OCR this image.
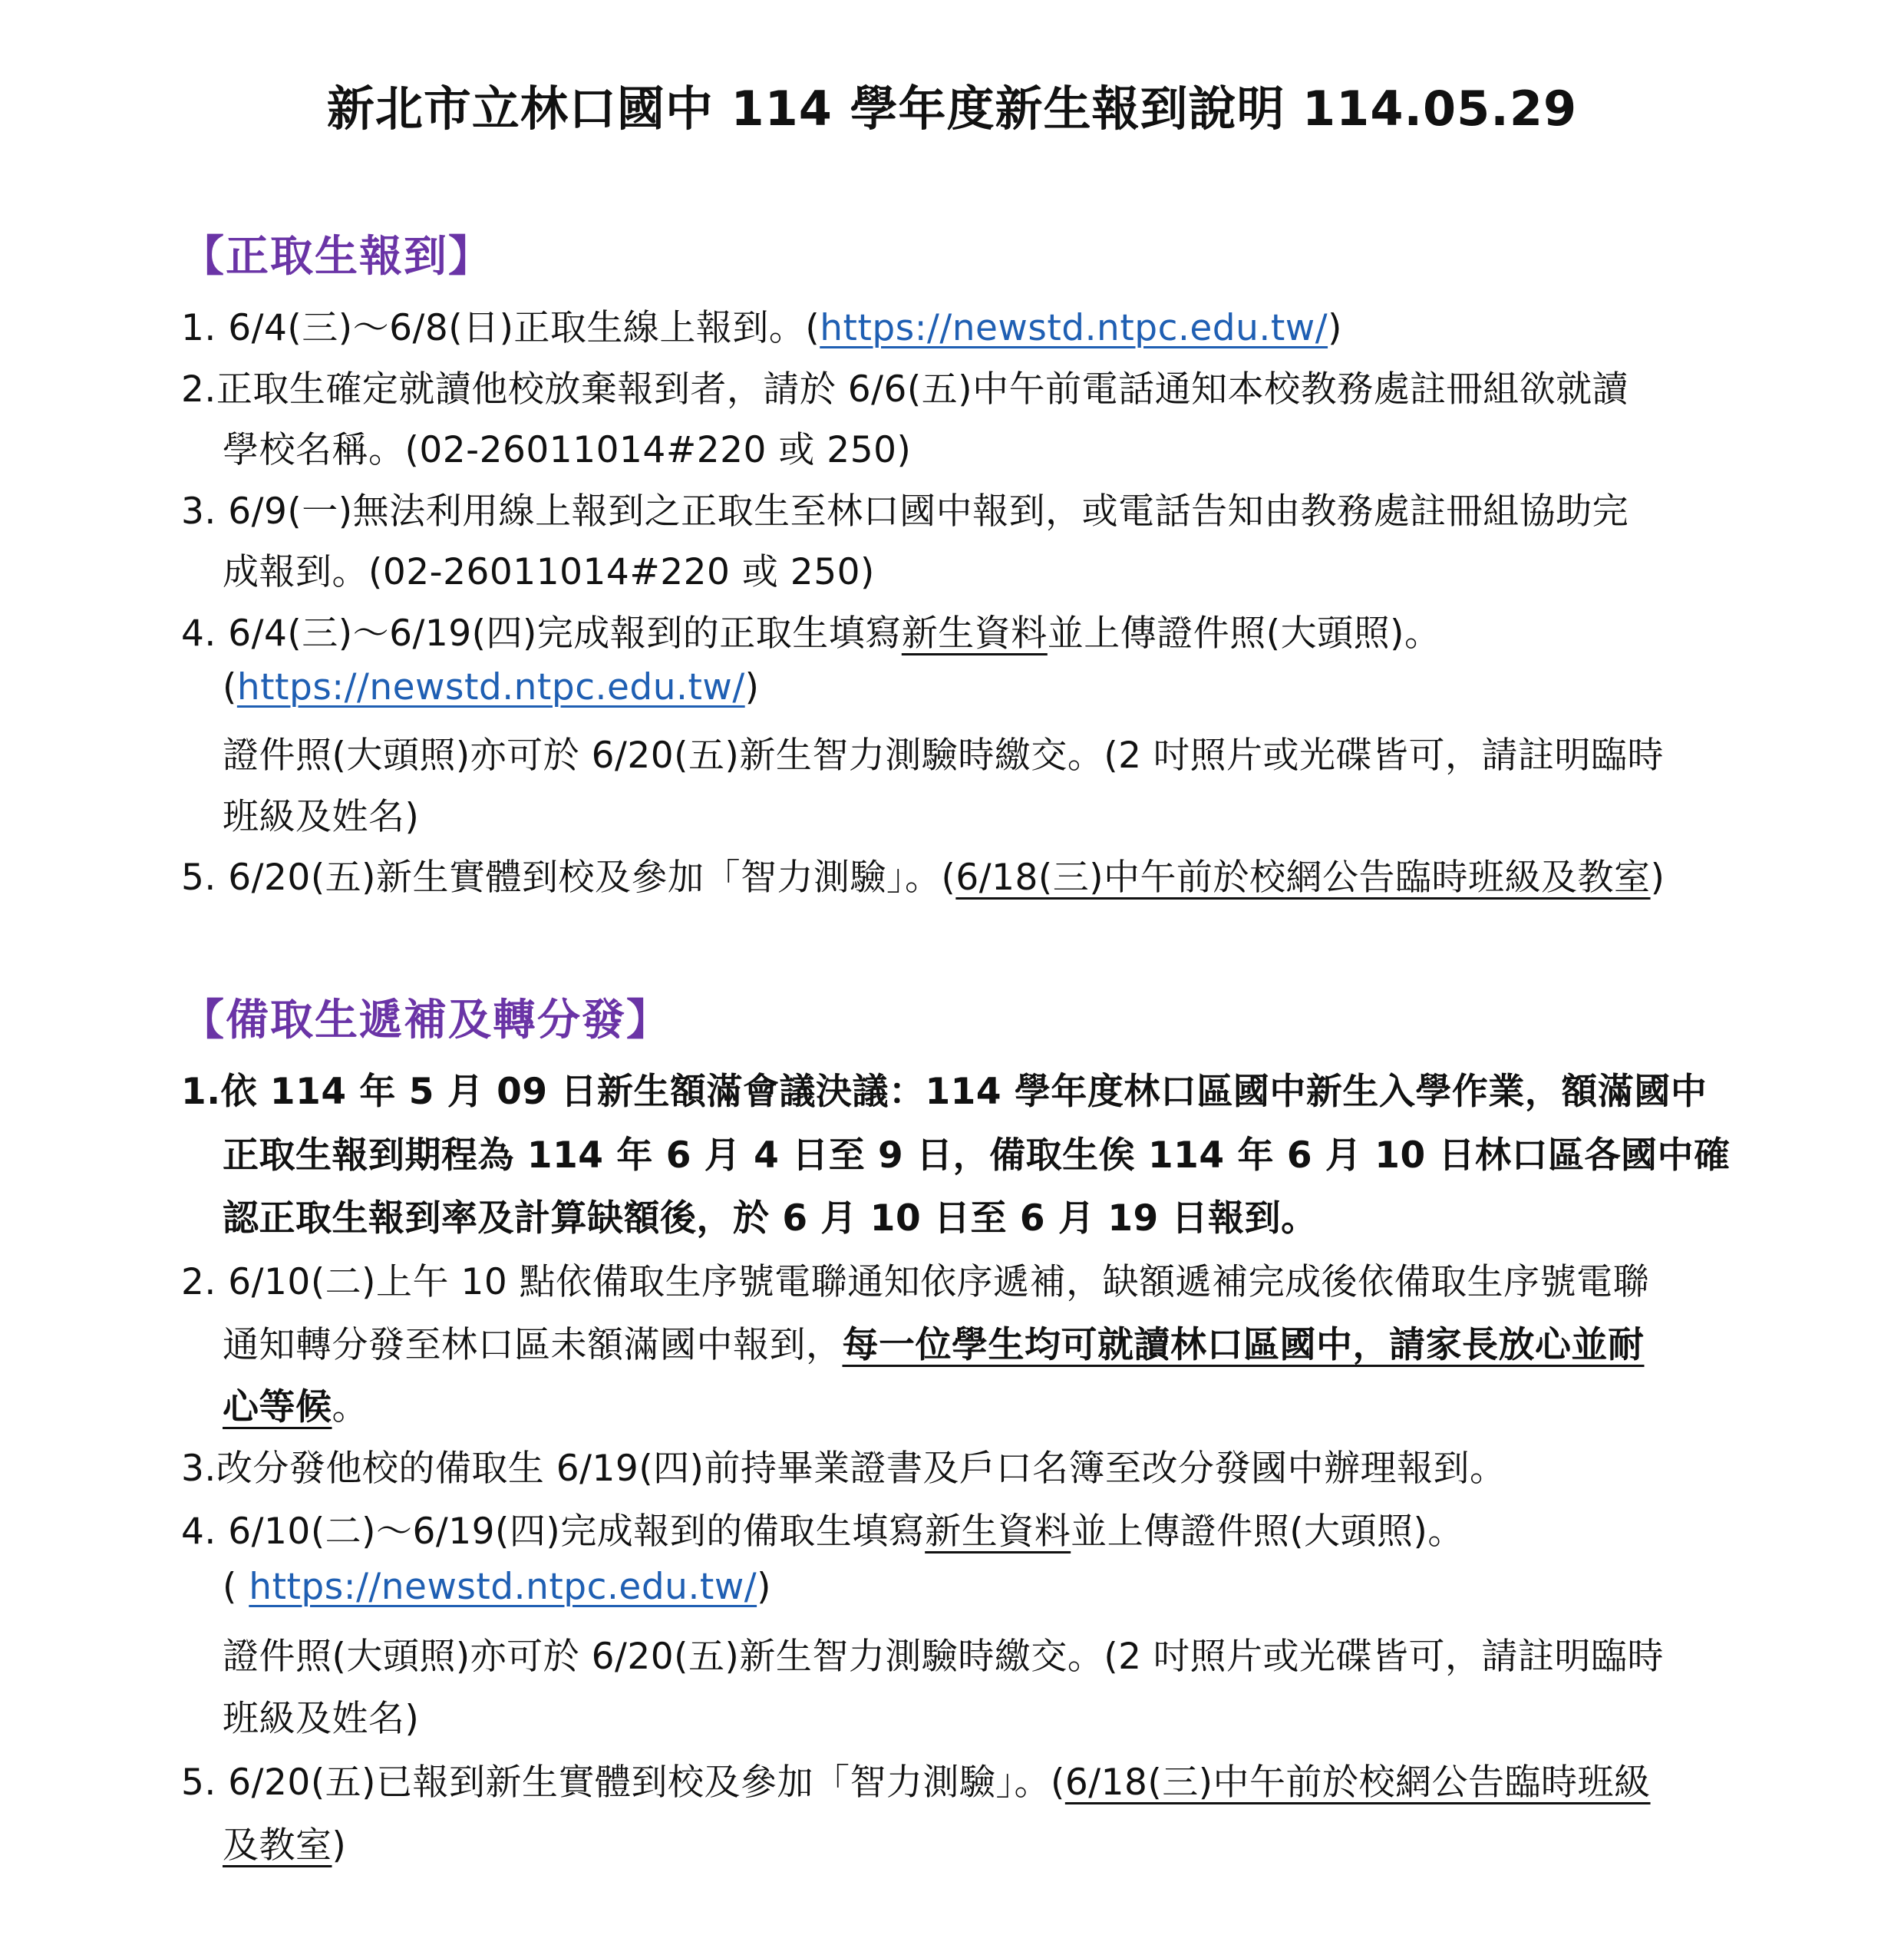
新北市立林口國中 114 學年度新生報到說明 114.05.29
【正取生報到】
1. 6/4(三)～6/8(日)正取生線上報到。(https://newstd.ntpc.edu.tw/)
2.正取生確定就讀他校放棄報到者，請於 6/6(五)中午前電話通知本校教務處註冊組欲就讀
學校名稱。(02-26011014#220 或 250)
3. 6/9(一)無法利用線上報到之正取生至林口國中報到，或電話告知由教務處註冊組協助完
成報到。(02-26011014#220 或 250)
4. 6/4(三)～6/19(四)完成報到的正取生填寫新生資料並上傳證件照(大頭照)。
(https://newstd.ntpc.edu.tw/)
證件照(大頭照)亦可於 6/20(五)新生智力測驗時繳交。(2 吋照片或光碟皆可，請註明臨時
班級及姓名)
5. 6/20(五)新生實體到校及參加「智力測驗」。(6/18(三)中午前於校網公告臨時班級及教室)
【備取生遞補及轉分發】
1.依 114 年 5 月 09 日新生額滿會議決議：114 學年度林口區國中新生入學作業，額滿國中
正取生報到期程為 114 年 6 月 4 日至 9 日，備取生俟 114 年 6 月 10 日林口區各國中確
認正取生報到率及計算缺額後，於 6 月 10 日至 6 月 19 日報到。
2. 6/10(二)上午 10 點依備取生序號電聯通知依序遞補，缺額遞補完成後依備取生序號電聯
通知轉分發至林口區未額滿國中報到，每一位學生均可就讀林口區國中，請家長放心並耐
心等候。
3.改分發他校的備取生 6/19(四)前持畢業證書及戶口名簿至改分發國中辦理報到。
4. 6/10(二)～6/19(四)完成報到的備取生填寫新生資料並上傳證件照(大頭照)。
( https://newstd.ntpc.edu.tw/)
證件照(大頭照)亦可於 6/20(五)新生智力測驗時繳交。(2 吋照片或光碟皆可，請註明臨時
班級及姓名)
5. 6/20(五)已報到新生實體到校及參加「智力測驗」。(6/18(三)中午前於校網公告臨時班級
及教室)
